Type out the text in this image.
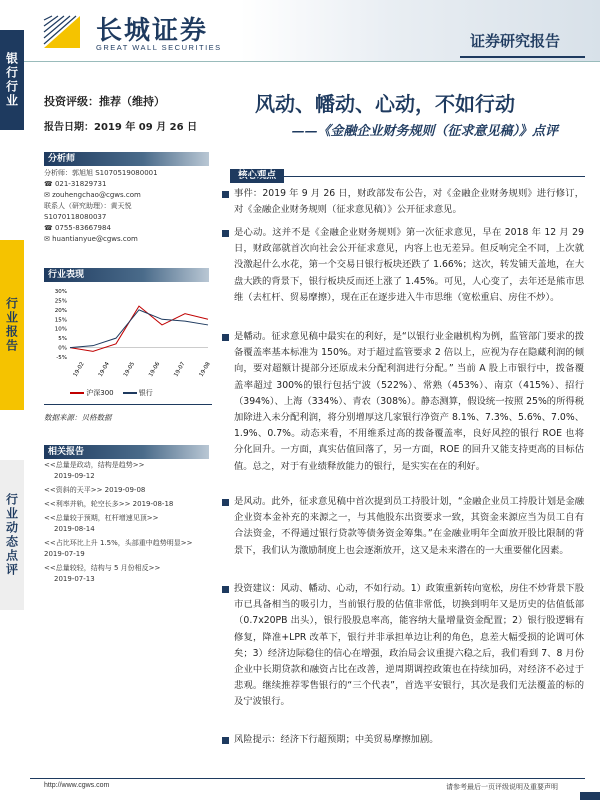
长城证券
GREAT WALL SECURITIES	证券研究报告
银行行业
行业报告
行业动态点评
投资评级：推荐（维持）
报告日期：2019 年 09 月 26 日
风动、幡动、心动，不如行动
——《金融企业财务规则（征求意见稿）》点评
分析师
分析师：郭旭旭 S1070519080001
☎ 021-31829731
✉ zouhengchao@cgws.com
联系人（研究助理）：黄天悦
S1070118080037
☎ 0755-83667984
✉ huantianyue@cgws.com
行业表现
30%
25%
20%
15%
10%
5%
0%
-5%
19-02 19-04 19-05 19-06 19-07 19-08
沪深300	银行
数据来源：贝格数据
相关报告
<<总量是政动，结构是趋势>>
2019-09-12
<<资斜的天平>> 2019-09-08
<<利率并轨，轮空长多>> 2019-08-18
<<总量较于预期，杠杆增速见顶>>
2019-08-14
<<占比环比上升 1.5%，头部重中趋势明显>> 2019-07-19
<<总量较轻，结构与 5 月份相反>>
2019-07-13
事件：2019 年 9 月 26 日，财政部发布公告，对《金融企业财务规则》进行修订，对《金融企业财务规则（征求意见稿）》公开征求意见。
是心动。这并不是《金融企业财务规则》第一次征求意见，早在 2018 年 12 月 29 日，财政部就首次向社会公开征求意见，内容上也无差异。但反响完全不同，上次就没激起什么水花，第一个交易日银行板块还跌了 1.66%；这次，转发铺天盖地，在大盘大跌的背景下，银行板块反而还上涨了 1.45%。可见，人心变了，去年还是熊市思维（去杠杆、贸易摩擦），现在正在逐步进入牛市思维（宽松重启、房住不炒）。
是幡动。征求意见稿中最实在的利好，是“以银行业金融机构为例，监管部门要求的拨备覆盖率基本标准为 150%。对于超过监管要求 2 倍以上，应视为存在隐藏利润的倾向，要对超额计提部分还原成未分配利润进行分配。” 当前 A 股上市银行中，拨备覆盖率超过 300%的银行包括宁波（522%）、常熟（453%）、南京（415%）、招行（394%）、上海（334%）、青农（308%）。静态测算，假设统一按照 25%的所得税加除进入未分配利润，将分别增厚这几家银行净资产 8.1%、7.3%、5.6%、7.0%、1.9%、0.7%。动态来看，不用维系过高的拨备覆盖率，良好风控的银行 ROE 也将分化回升。一方面，真实估值回落了，另一方面，ROE 的回升又能支持更高的目标估值。总之，对于有业绩释放能力的银行，是实实在在的利好。
是风动。此外，征求意见稿中首次提到员工持股计划，“金融企业员工持股计划是金融企业资本金补充的来源之一，与其他股东出资要求一致，其资金来源应当为员工自有合法资金，不得通过银行贷款等债务资金筹集。”在金融业明年全面放开股比限制的背景下，我们认为激励制度上也会逐渐放开，这又是未来潜在的一大重要催化因素。
投资建议：风动、幡动、心动，不如行动。1）政策重新转向宽松，房住不炒背景下股市已具备相当的吸引力，当前银行股的估值非常低，切换到明年又是历史的估值低部（0.7x20PB 出头），银行股股息率高，能容纳大量增量资金配置；2）银行股逻辑有修复，降准+LPR 改革下，银行并非承担单边让利的角色，息差大幅受损的论调可休矣；3）经济边际稳住的信心在增强，政治局会议重提六稳之后，我们看到 7、8 月份企业中长期贷款和融资占比在改善，逆周期调控政策也在持续加码，对经济不必过于悲观。继续推荐零售银行的“三个代表”，首选平安银行，其次是我们无法覆盖的标的及宁波银行。
风险提示：经济下行超预期；中美贸易摩擦加剧。
http://www.cgws.com	请参考最后一页评级说明及重要声明
